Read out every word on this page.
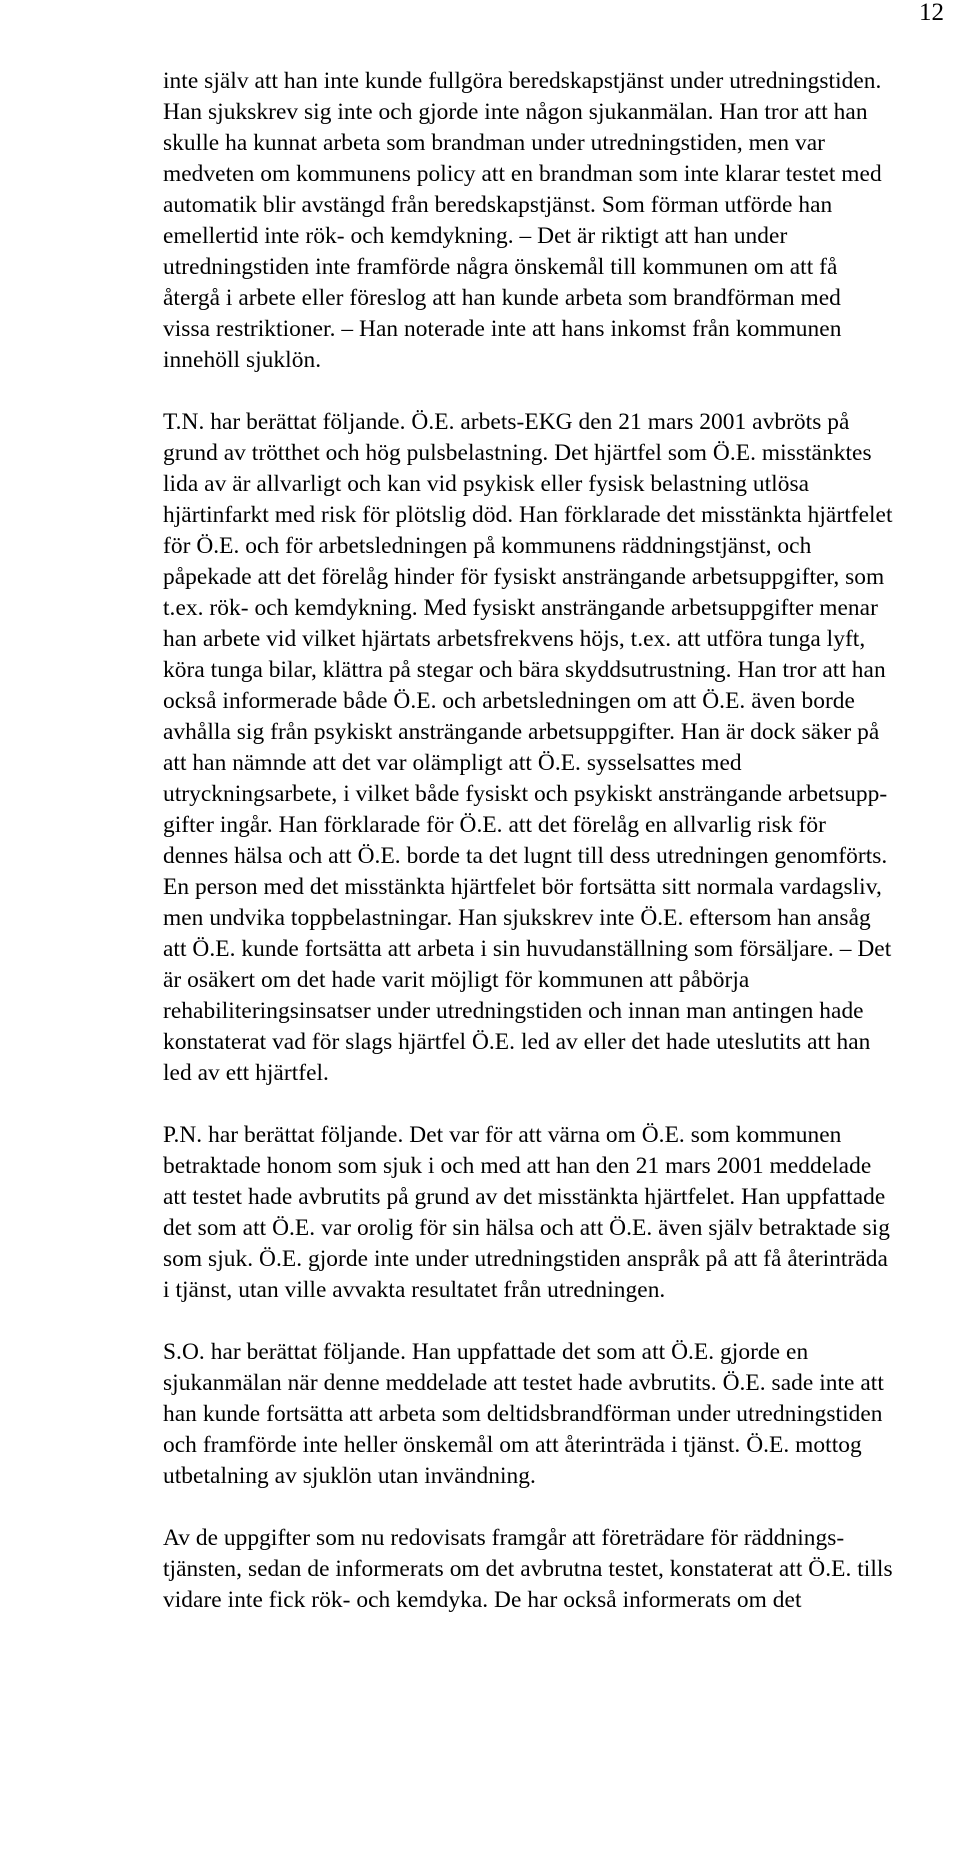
12
inte själv att han inte kunde fullgöra beredskapstjänst under utredningstiden.
Han sjukskrev sig inte och gjorde inte någon sjukanmälan. Han tror att han
skulle ha kunnat arbeta som brandman under utredningstiden, men var
medveten om kommunens policy att en brandman som inte klarar testet med
automatik blir avstängd från beredskapstjänst. Som förman utförde han
emellertid inte rök- och kemdykning. – Det är riktigt att han under
utredningstiden inte framförde några önskemål till kommunen om att få
återgå i arbete eller föreslog att han kunde arbeta som brandförman med
vissa restriktioner. – Han noterade inte att hans inkomst från kommunen
innehöll sjuklön.
T.N. har berättat följande. Ö.E. arbets-EKG den 21 mars 2001 avbröts på
grund av trötthet och hög pulsbelastning. Det hjärtfel som Ö.E. misstänktes
lida av är allvarligt och kan vid psykisk eller fysisk belastning utlösa
hjärtinfarkt med risk för plötslig död. Han förklarade det misstänkta hjärtfelet
för Ö.E. och för arbetsledningen på kommunens räddningstjänst, och
påpekade att det förelåg hinder för fysiskt ansträngande arbetsuppgifter, som
t.ex. rök- och kemdykning. Med fysiskt ansträngande arbetsuppgifter menar
han arbete vid vilket hjärtats arbetsfrekvens höjs, t.ex. att utföra tunga lyft,
köra tunga bilar, klättra på stegar och bära skyddsutrustning. Han tror att han
också informerade både Ö.E. och arbetsledningen om att Ö.E. även borde
avhålla sig från psykiskt ansträngande arbetsuppgifter. Han är dock säker på
att han nämnde att det var olämpligt att Ö.E. sysselsattes med
utryckningsarbete, i vilket både fysiskt och psykiskt ansträngande arbetsupp-
gifter ingår. Han förklarade för Ö.E. att det förelåg en allvarlig risk för
dennes hälsa och att Ö.E. borde ta det lugnt till dess utredningen genomförts.
En person med det misstänkta hjärtfelet bör fortsätta sitt normala vardagsliv,
men undvika toppbelastningar. Han sjukskrev inte Ö.E. eftersom han ansåg
att Ö.E. kunde fortsätta att arbeta i sin huvudanställning som försäljare. – Det
är osäkert om det hade varit möjligt för kommunen att påbörja
rehabiliteringsinsatser under utredningstiden och innan man antingen hade
konstaterat vad för slags hjärtfel Ö.E. led av eller det hade uteslutits att han
led av ett hjärtfel.
P.N. har berättat följande. Det var för att värna om Ö.E. som kommunen
betraktade honom som sjuk i och med att han den 21 mars 2001 meddelade
att testet hade avbrutits på grund av det misstänkta hjärtfelet. Han uppfattade
det som att Ö.E. var orolig för sin hälsa och att Ö.E. även själv betraktade sig
som sjuk. Ö.E. gjorde inte under utredningstiden anspråk på att få återinträda
i tjänst, utan ville avvakta resultatet från utredningen.
S.O. har berättat följande. Han uppfattade det som att Ö.E. gjorde en
sjukanmälan när denne meddelade att testet hade avbrutits. Ö.E. sade inte att
han kunde fortsätta att arbeta som deltidsbrandförman under utredningstiden
och framförde inte heller önskemål om att återinträda i tjänst. Ö.E. mottog
utbetalning av sjuklön utan invändning.
Av de uppgifter som nu redovisats framgår att företrädare för räddnings-
tjänsten, sedan de informerats om det avbrutna testet, konstaterat att Ö.E. tills
vidare inte fick rök- och kemdyka. De har också informerats om det
